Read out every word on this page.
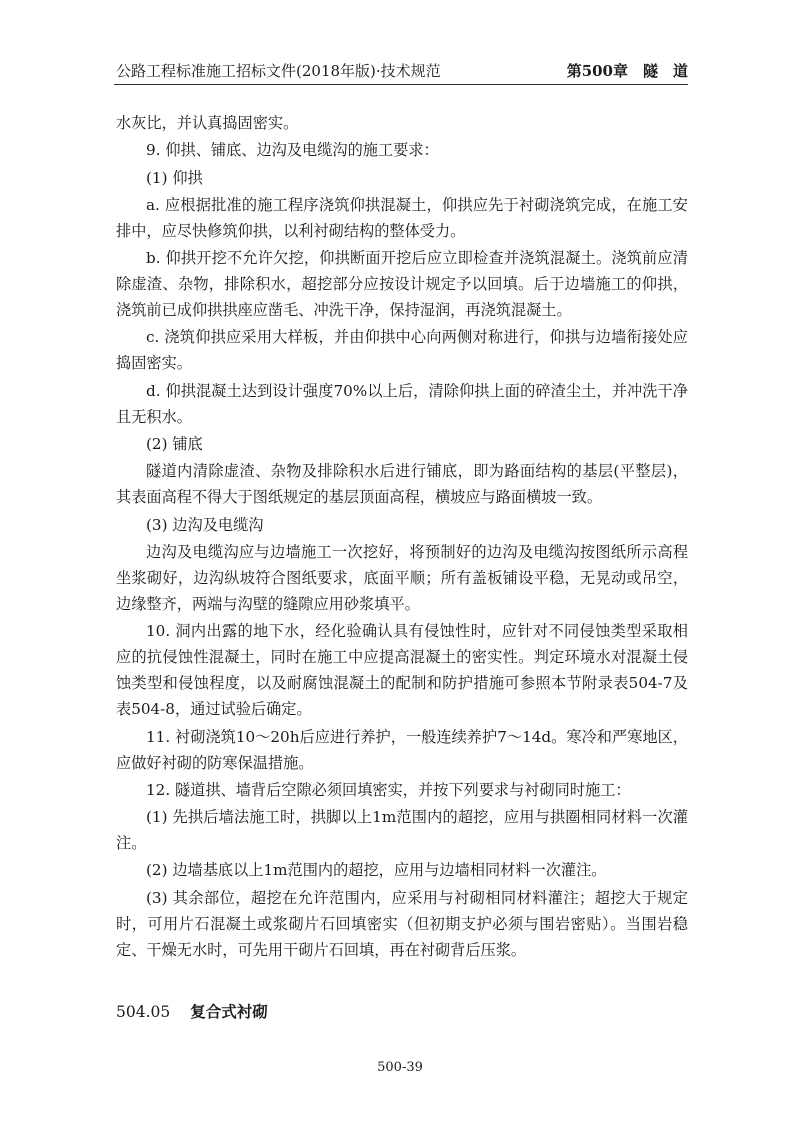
公路工程标准施工招标文件(2018年版)·技术规范	第500章　隧　道

水灰比，并认真捣固密实。

9. 仰拱、铺底、边沟及电缆沟的施工要求：

(1) 仰拱

a. 应根据批准的施工程序浇筑仰拱混凝土，仰拱应先于衬砌浇筑完成，在施工安排中，应尽快修筑仰拱，以利衬砌结构的整体受力。

b. 仰拱开挖不允许欠挖，仰拱断面开挖后应立即检查并浇筑混凝土。浇筑前应清除虚渣、杂物，排除积水，超挖部分应按设计规定予以回填。后于边墙施工的仰拱，浇筑前已成仰拱拱座应凿毛、冲洗干净，保持湿润，再浇筑混凝土。

c. 浇筑仰拱应采用大样板，并由仰拱中心向两侧对称进行，仰拱与边墙衔接处应捣固密实。

d. 仰拱混凝土达到设计强度70%以上后，清除仰拱上面的碎渣尘土，并冲洗干净且无积水。

(2) 铺底

隧道内清除虚渣、杂物及排除积水后进行铺底，即为路面结构的基层(平整层)，其表面高程不得大于图纸规定的基层顶面高程，横坡应与路面横坡一致。

(3) 边沟及电缆沟

边沟及电缆沟应与边墙施工一次挖好，将预制好的边沟及电缆沟按图纸所示高程坐浆砌好，边沟纵坡符合图纸要求，底面平顺；所有盖板铺设平稳，无晃动或吊空，边缘整齐，两端与沟壁的缝隙应用砂浆填平。

10. 洞内出露的地下水，经化验确认具有侵蚀性时，应针对不同侵蚀类型采取相应的抗侵蚀性混凝土，同时在施工中应提高混凝土的密实性。判定环境水对混凝土侵蚀类型和侵蚀程度，以及耐腐蚀混凝土的配制和防护措施可参照本节附录表504-7及表504-8，通过试验后确定。

11. 衬砌浇筑10～20h后应进行养护，一般连续养护7～14d。寒冷和严寒地区，应做好衬砌的防寒保温措施。

12. 隧道拱、墙背后空隙必须回填密实，并按下列要求与衬砌同时施工：

(1) 先拱后墙法施工时，拱脚以上1m范围内的超挖，应用与拱圈相同材料一次灌注。

(2) 边墙基底以上1m范围内的超挖，应用与边墙相同材料一次灌注。

(3) 其余部位，超挖在允许范围内，应采用与衬砌相同材料灌注；超挖大于规定时，可用片石混凝土或浆砌片石回填密实（但初期支护必须与围岩密贴）。当围岩稳定、干燥无水时，可先用干砌片石回填，再在衬砌背后压浆。

504.05 复合式衬砌
500-39
